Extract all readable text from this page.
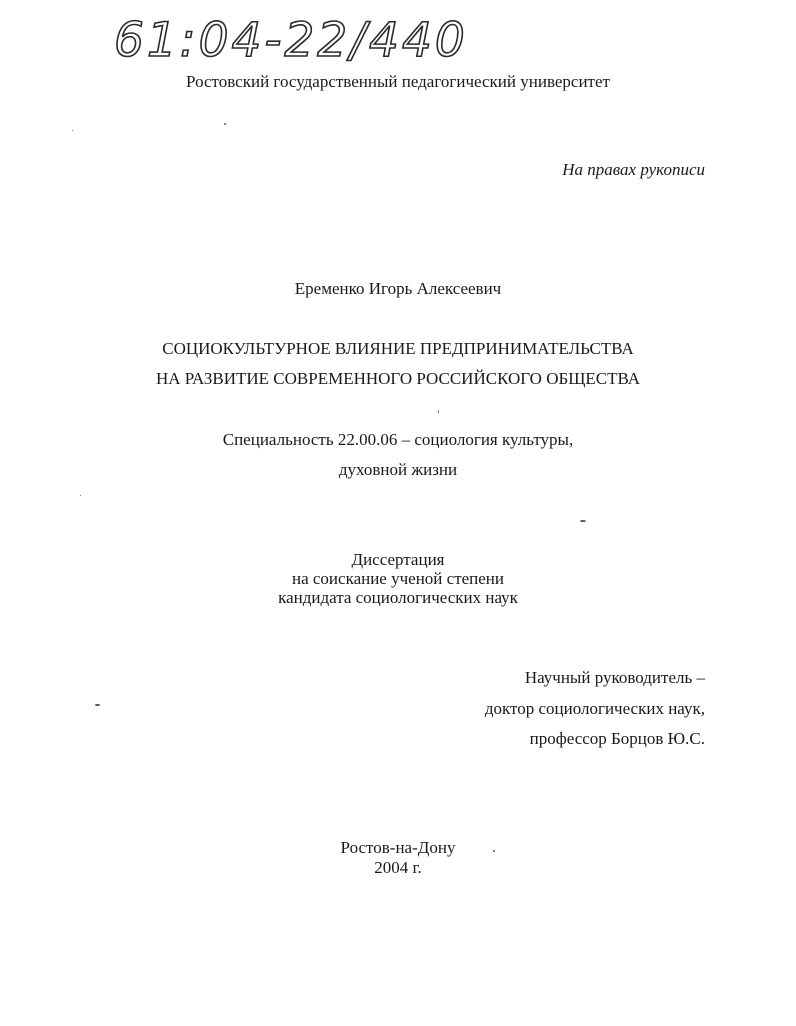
61:04-22/440
Ростовский государственный педагогический университет
На правах рукописи
Еременко Игорь Алексеевич
СОЦИОКУЛЬТУРНОЕ ВЛИЯНИЕ ПРЕДПРИНИМАТЕЛЬСТВА
НА РАЗВИТИЕ СОВРЕМЕННОГО РОССИЙСКОГО ОБЩЕСТВА
Специальность 22.00.06 – социология культуры,
духовной жизни
Диссертация
на соискание ученой степени
кандидата социологических наук
Научный руководитель –
доктор социологических наук,
профессор Борцов Ю.С.
Ростов-на-Дону
2004 г.
